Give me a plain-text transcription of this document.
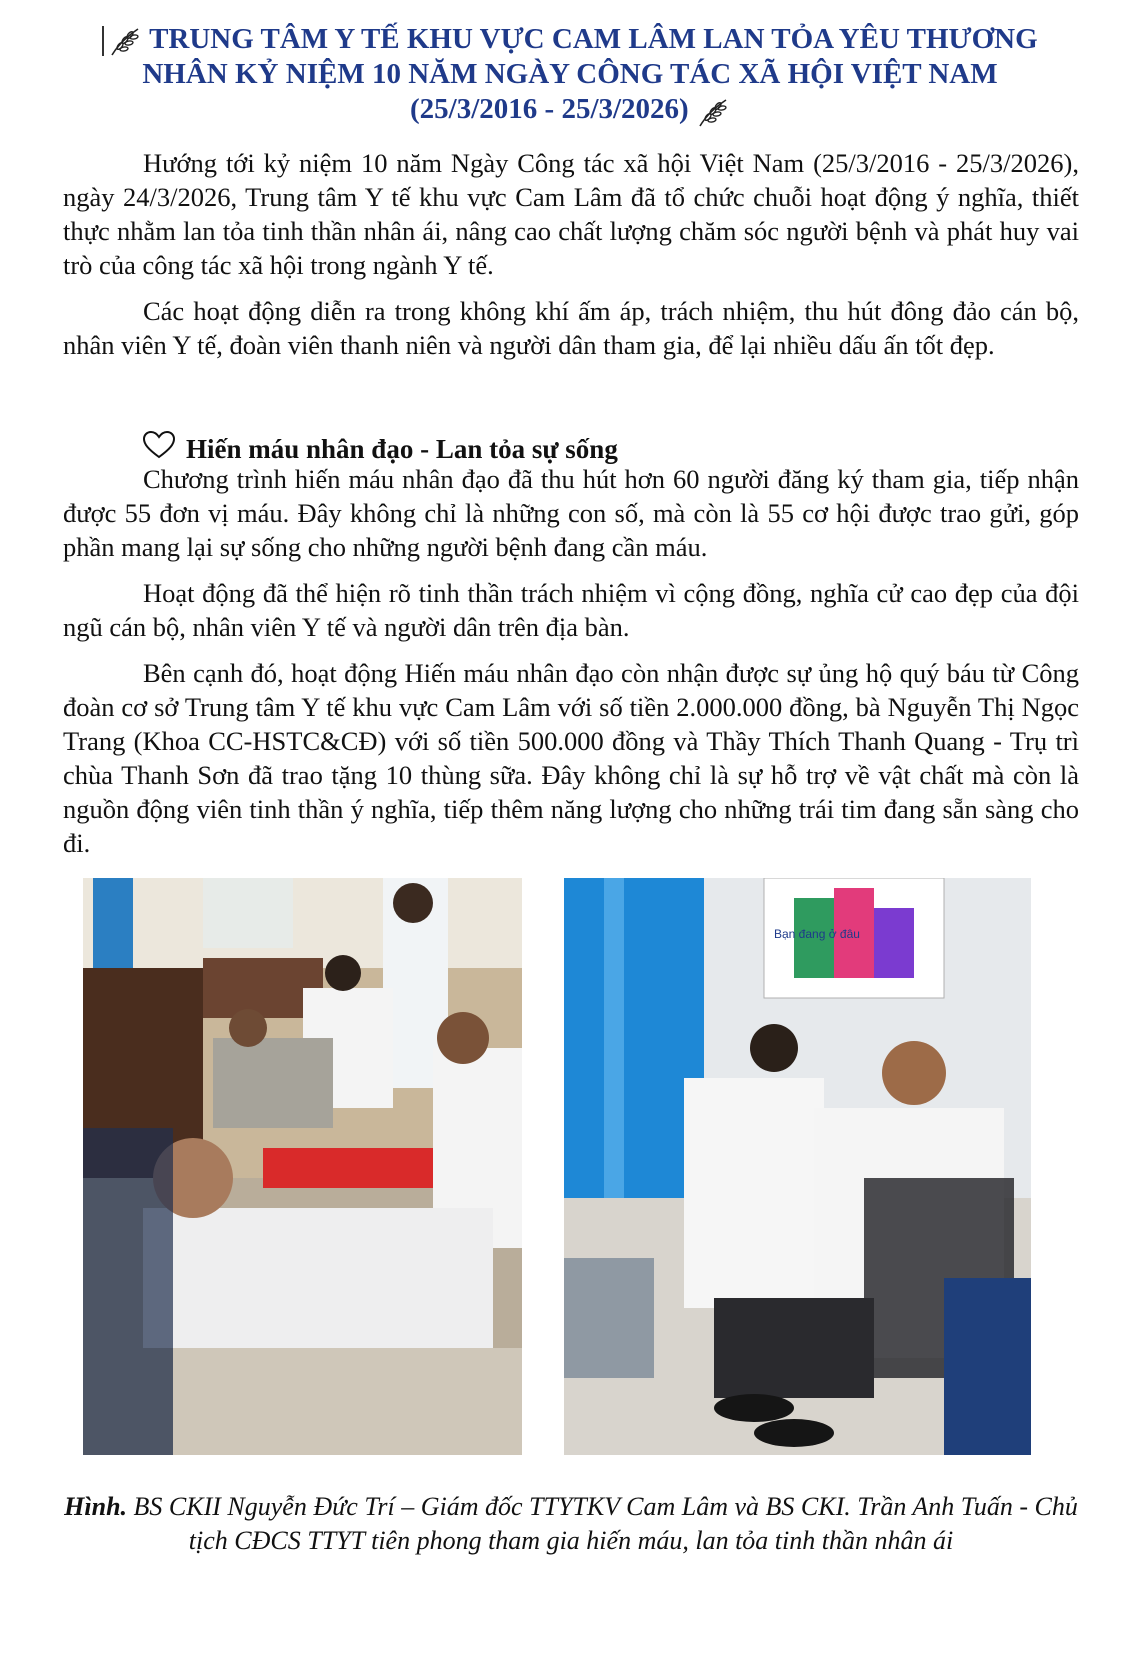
TRUNG TÂM Y TẾ KHU VỰC CAM LÂM LAN TỎA YÊU THƯƠNG
NHÂN KỶ NIỆM 10 NĂM NGÀY CÔNG TÁC XÃ HỘI VIỆT NAM
(25/3/2016 - 25/3/2026)

Hướng tới kỷ niệm 10 năm Ngày Công tác xã hội Việt Nam (25/3/2016 - 25/3/2026), ngày 24/3/2026, Trung tâm Y tế khu vực Cam Lâm đã tổ chức chuỗi hoạt động ý nghĩa, thiết thực nhằm lan tỏa tinh thần nhân ái, nâng cao chất lượng chăm sóc người bệnh và phát huy vai trò của công tác xã hội trong ngành Y tế.

Các hoạt động diễn ra trong không khí ấm áp, trách nhiệm, thu hút đông đảo cán bộ, nhân viên Y tế, đoàn viên thanh niên và người dân tham gia, để lại nhiều dấu ấn tốt đẹp.

Hiến máu nhân đạo - Lan tỏa sự sống

Chương trình hiến máu nhân đạo đã thu hút hơn 60 người đăng ký tham gia, tiếp nhận được 55 đơn vị máu. Đây không chỉ là những con số, mà còn là 55 cơ hội được trao gửi, góp phần mang lại sự sống cho những người bệnh đang cần máu.

Hoạt động đã thể hiện rõ tinh thần trách nhiệm vì cộng đồng, nghĩa cử cao đẹp của đội ngũ cán bộ, nhân viên Y tế và người dân trên địa bàn.

Bên cạnh đó, hoạt động Hiến máu nhân đạo còn nhận được sự ủng hộ quý báu từ Công đoàn cơ sở Trung tâm Y tế khu vực Cam Lâm với số tiền 2.000.000 đồng, bà Nguyễn Thị Ngọc Trang (Khoa CC-HSTC&CĐ) với số tiền 500.000 đồng và Thầy Thích Thanh Quang - Trụ trì chùa Thanh Sơn đã trao tặng 10 thùng sữa. Đây không chỉ là sự hỗ trợ về vật chất mà còn là nguồn động viên tinh thần ý nghĩa, tiếp thêm năng lượng cho những trái tim đang sẵn sàng cho đi.

Bạn đang ở đâu
Hình. BS CKII Nguyễn Đức Trí – Giám đốc TTYTKV Cam Lâm và BS CKI. Trần Anh Tuấn - Chủ tịch CĐCS TTYT tiên phong tham gia hiến máu, lan tỏa tinh thần nhân ái
